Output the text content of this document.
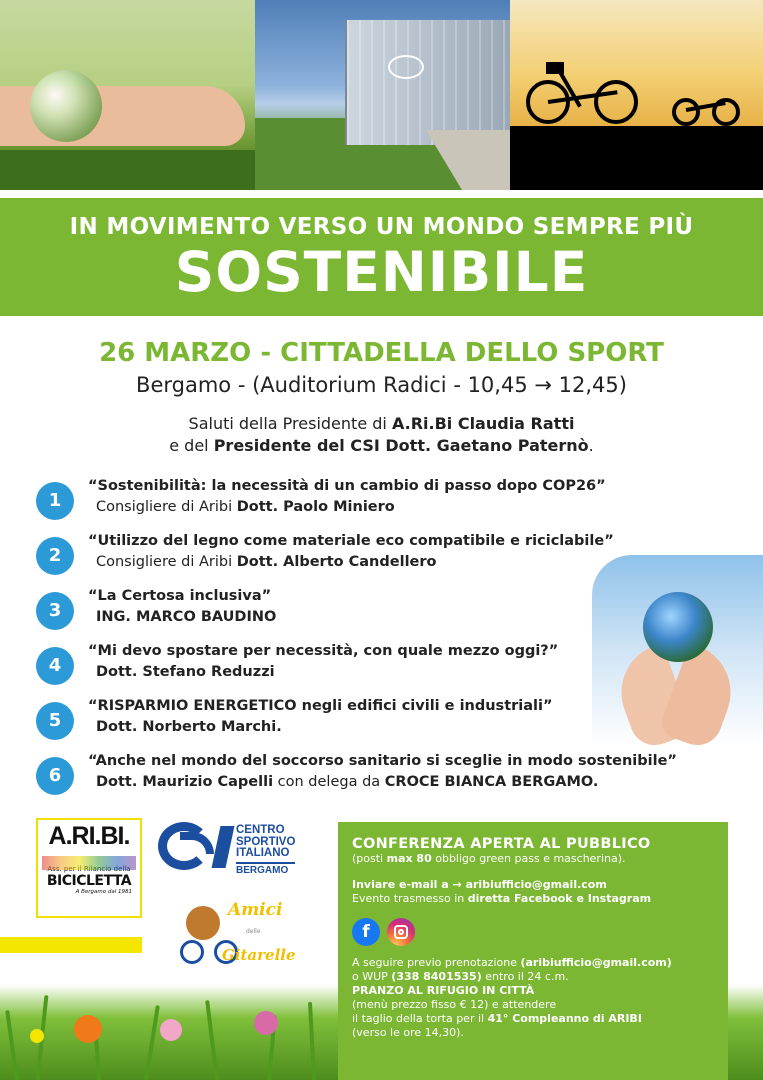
IN MOVIMENTO VERSO UN MONDO SEMPRE PIÙ
SOSTENIBILE
26 MARZO - CITTADELLA DELLO SPORT
Bergamo - (Auditorium Radici - 10,45 → 12,45)
Saluti della Presidente di A.Ri.Bi Claudia Ratti
e del Presidente del CSI Dott. Gaetano Paternò.
1
“Sostenibilità: la necessità di un cambio di passo dopo COP26”
Consigliere di Aribi Dott. Paolo Miniero
2
“Utilizzo del legno come materiale eco compatibile e riciclabile”
Consigliere di Aribi Dott. Alberto Candellero
3
“La Certosa inclusiva”
ING. MARCO BAUDINO
4
“Mi devo spostare per necessità, con quale mezzo oggi?”
Dott. Stefano Reduzzi
5
“RISPARMIO ENERGETICO negli edifici civili e industriali”
Dott. Norberto Marchi.
6
“Anche nel mondo del soccorso sanitario si sceglie in modo sostenibile”
Dott. Maurizio Capelli con delega da CROCE BIANCA BERGAMO.
A.RI.BI.
BICICLETTA
A Bergamo dal 1981
CENTRO
SPORTIVO
ITALIANO
BERGAMO
Amici
delle
Gitarelle
CONFERENZA APERTA AL PUBBLICO
(posti max 80 obbligo green pass e mascherina).
Inviare e-mail a → aribiufficio@gmail.com
Evento trasmesso in diretta Facebook e Instagram
f
A seguire previo prenotazione (aribiufficio@gmail.com)
o WUP (338 8401535) entro il 24 c.m.
PRANZO AL RIFUGIO IN CITTÀ
(menù prezzo fisso € 12) e attendere
il taglio della torta per il 41° Compleanno di ARIBI
(verso le ore 14,30).
